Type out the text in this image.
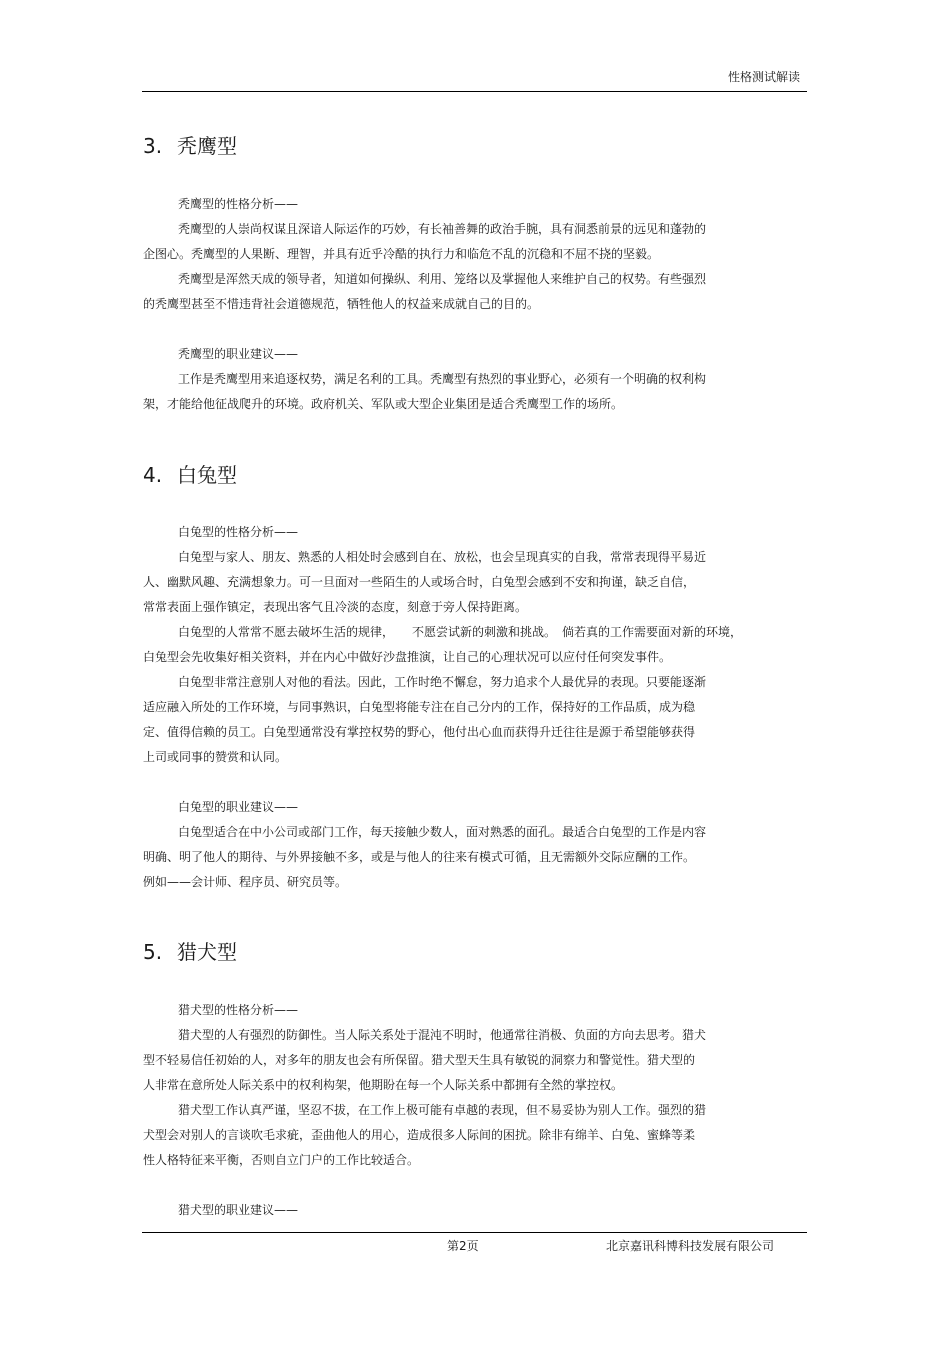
性格测试解读
3. 秃鹰型
秃鹰型的性格分析——
秃鹰型的人崇尚权谋且深谙人际运作的巧妙，有长袖善舞的政治手腕，具有洞悉前景的远见和蓬勃的
企图心。秃鹰型的人果断、理智，并具有近乎冷酷的执行力和临危不乱的沉稳和不屈不挠的坚毅。
秃鹰型是浑然天成的领导者，知道如何操纵、利用、笼络以及掌握他人来维护自己的权势。有些强烈
的秃鹰型甚至不惜违背社会道德规范，牺牲他人的权益来成就自己的目的。
秃鹰型的职业建议——
工作是秃鹰型用来追逐权势，满足名利的工具。秃鹰型有热烈的事业野心，必须有一个明确的权利构
架，才能给他征战爬升的环境。政府机关、军队或大型企业集团是适合秃鹰型工作的场所。
4. 白兔型
白兔型的性格分析——
白兔型与家人、朋友、熟悉的人相处时会感到自在、放松，也会呈现真实的自我，常常表现得平易近
人、幽默风趣、充满想象力。可一旦面对一些陌生的人或场合时，白兔型会感到不安和拘谨，缺乏自信，
常常表面上强作镇定，表现出客气且冷淡的态度，刻意于旁人保持距离。
白兔型的人常常不愿去破坏生活的规律，　　不愿尝试新的刺激和挑战。　倘若真的工作需要面对新的环境，
白兔型会先收集好相关资料，并在内心中做好沙盘推演，让自己的心理状况可以应付任何突发事件。
白兔型非常注意别人对他的看法。因此，工作时绝不懈怠，努力追求个人最优异的表现。只要能逐渐
适应融入所处的工作环境，与同事熟识，白兔型将能专注在自己分内的工作，保持好的工作品质，成为稳
定、值得信赖的员工。白兔型通常没有掌控权势的野心，他付出心血而获得升迁往往是源于希望能够获得
上司或同事的赞赏和认同。
白兔型的职业建议——
白兔型适合在中小公司或部门工作，每天接触少数人，面对熟悉的面孔。最适合白兔型的工作是内容
明确、明了他人的期待、与外界接触不多，或是与他人的往来有模式可循，且无需额外交际应酬的工作。
例如——会计师、程序员、研究员等。
5. 猎犬型
猎犬型的性格分析——
猎犬型的人有强烈的防御性。当人际关系处于混沌不明时，他通常往消极、负面的方向去思考。猎犬
型不轻易信任初始的人，对多年的朋友也会有所保留。猎犬型天生具有敏锐的洞察力和警觉性。猎犬型的
人非常在意所处人际关系中的权利构架，他期盼在每一个人际关系中都拥有全然的掌控权。
猎犬型工作认真严谨，坚忍不拔，在工作上极可能有卓越的表现，但不易妥协为别人工作。强烈的猎
犬型会对别人的言谈吹毛求疵，歪曲他人的用心，造成很多人际间的困扰。除非有绵羊、白兔、蜜蜂等柔
性人格特征来平衡，否则自立门户的工作比较适合。
猎犬型的职业建议——
第2页	北京嘉讯科博科技发展有限公司
